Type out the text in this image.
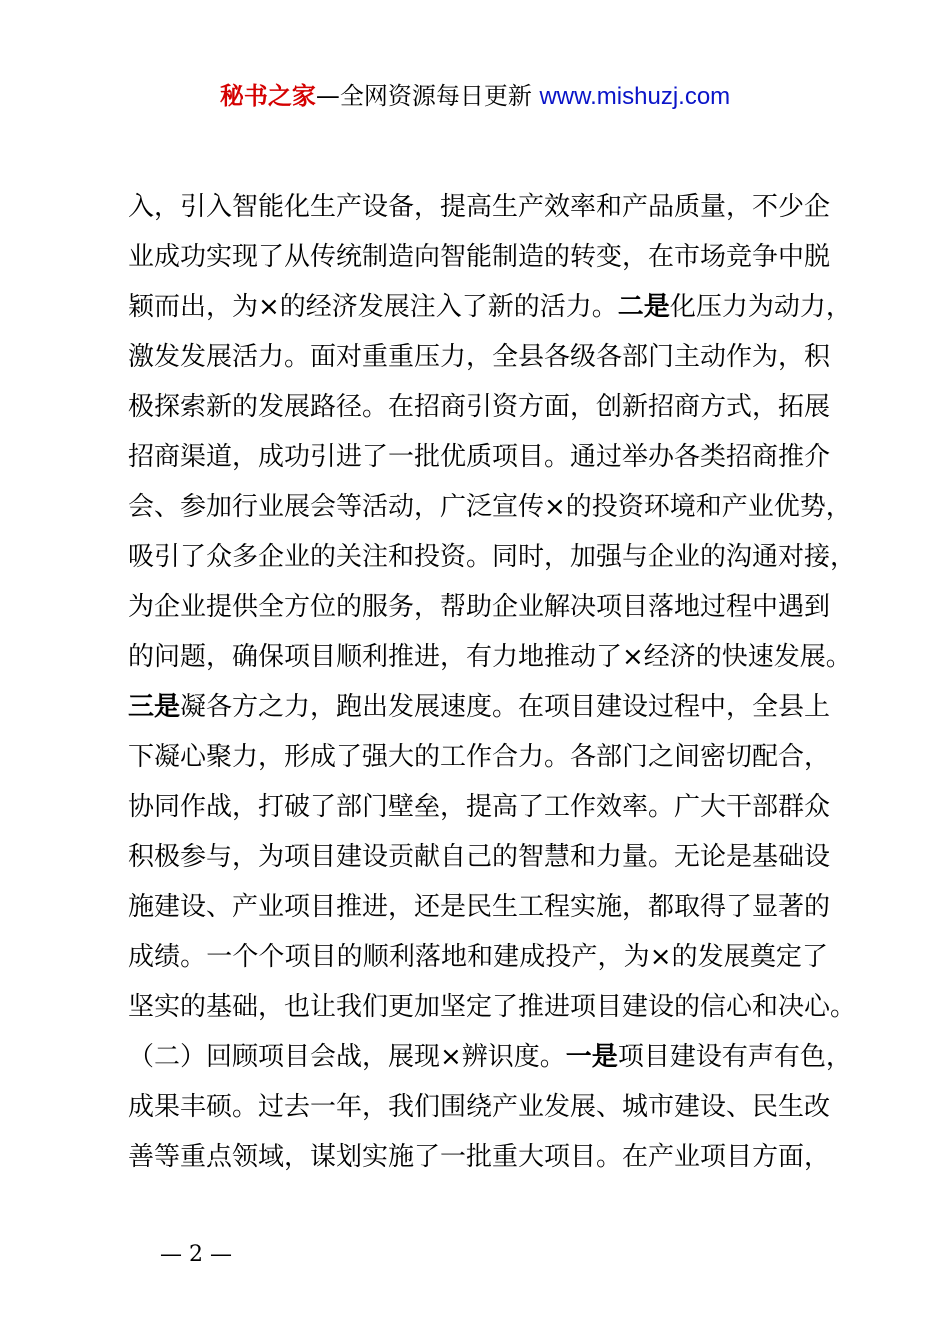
秘书之家—全网资源每日更新 www.mishuzj.com
入，引入智能化生产设备，提高生产效率和产品质量，不少企
业成功实现了从传统制造向智能制造的转变，在市场竞争中脱
颖而出，为×的经济发展注入了新的活力。二是化压力为动力，
激发发展活力。面对重重压力，全县各级各部门主动作为，积
极探索新的发展路径。在招商引资方面，创新招商方式，拓展
招商渠道，成功引进了一批优质项目。通过举办各类招商推介
会、参加行业展会等活动，广泛宣传×的投资环境和产业优势，
吸引了众多企业的关注和投资。同时，加强与企业的沟通对接，
为企业提供全方位的服务，帮助企业解决项目落地过程中遇到
的问题，确保项目顺利推进，有力地推动了×经济的快速发展。
三是凝各方之力，跑出发展速度。在项目建设过程中，全县上
下凝心聚力，形成了强大的工作合力。各部门之间密切配合，
协同作战，打破了部门壁垒，提高了工作效率。广大干部群众
积极参与，为项目建设贡献自己的智慧和力量。无论是基础设
施建设、产业项目推进，还是民生工程实施，都取得了显著的
成绩。一个个项目的顺利落地和建成投产，为×的发展奠定了
坚实的基础，也让我们更加坚定了推进项目建设的信心和决心。
（二）回顾项目会战，展现×辨识度。一是项目建设有声有色，
成果丰硕。过去一年，我们围绕产业发展、城市建设、民生改
善等重点领域，谋划实施了一批重大项目。在产业项目方面，
— 2 —
